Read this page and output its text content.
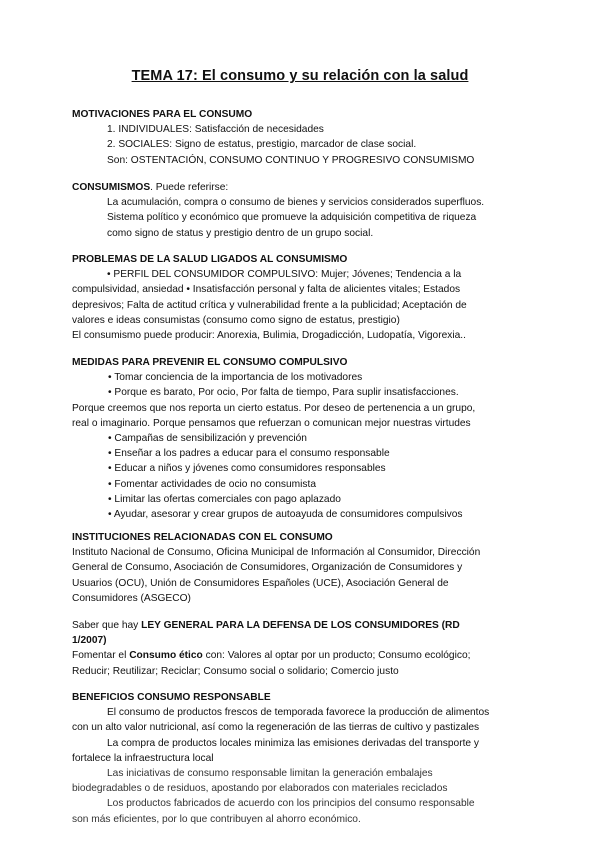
TEMA 17: El consumo y su relación con la salud
MOTIVACIONES PARA EL CONSUMO
1. INDIVIDUALES: Satisfacción de necesidades
2. SOCIALES: Signo de estatus, prestigio, marcador de clase social.
Son: OSTENTACIÓN, CONSUMO CONTINUO Y PROGRESIVO CONSUMISMO
CONSUMISMOS. Puede referirse:
La acumulación, compra o consumo de bienes y servicios considerados superfluos.
Sistema político y económico que promueve la adquisición competitiva de riqueza
como signo de status y prestigio dentro de un grupo social.
PROBLEMAS DE LA SALUD LIGADOS AL CONSUMISMO
• PERFIL DEL CONSUMIDOR COMPULSIVO: Mujer; Jóvenes; Tendencia a la
compulsividad, ansiedad • Insatisfacción personal y falta de alicientes vitales; Estados
depresivos; Falta de actitud crítica y vulnerabilidad frente a la publicidad; Aceptación de
valores e ideas consumistas (consumo como signo de estatus, prestigio)
El consumismo puede producir: Anorexia, Bulimia, Drogadicción, Ludopatía, Vigorexia..
MEDIDAS PARA PREVENIR EL CONSUMO COMPULSIVO
• Tomar conciencia de la importancia de los motivadores
• Porque es barato, Por ocio, Por falta de tiempo, Para suplir insatisfacciones.
Porque creemos que nos reporta un cierto estatus. Por deseo de pertenencia a un grupo,
real o imaginario. Porque pensamos que refuerzan o comunican mejor nuestras virtudes
• Campañas de sensibilización y prevención
• Enseñar a los padres a educar para el consumo responsable
• Educar a niños y jóvenes como consumidores responsables
• Fomentar actividades de ocio no consumista
• Limitar las ofertas comerciales con pago aplazado
• Ayudar, asesorar y crear grupos de autoayuda de consumidores compulsivos
INSTITUCIONES RELACIONADAS CON EL CONSUMO
Instituto Nacional de Consumo, Oficina Municipal de Información al Consumidor, Dirección
General de Consumo, Asociación de Consumidores, Organización de Consumidores y
Usuarios (OCU), Unión de Consumidores Españoles (UCE), Asociación General de
Consumidores (ASGECO)
Saber que hay LEY GENERAL PARA LA DEFENSA DE LOS CONSUMIDORES (RD
1/2007)
Fomentar el Consumo ético con: Valores al optar por un producto; Consumo ecológico;
Reducir; Reutilizar; Reciclar; Consumo social o solidario; Comercio justo
BENEFICIOS CONSUMO RESPONSABLE
El consumo de productos frescos de temporada favorece la producción de alimentos
con un alto valor nutricional, así como la regeneración de las tierras de cultivo y pastizales
La compra de productos locales minimiza las emisiones derivadas del transporte y
fortalece la infraestructura local
Las iniciativas de consumo responsable limitan la generación embalajes
biodegradables o de residuos, apostando por elaborados con materiales reciclados
Los productos fabricados de acuerdo con los principios del consumo responsable
son más eficientes, por lo que contribuyen al ahorro económico.
